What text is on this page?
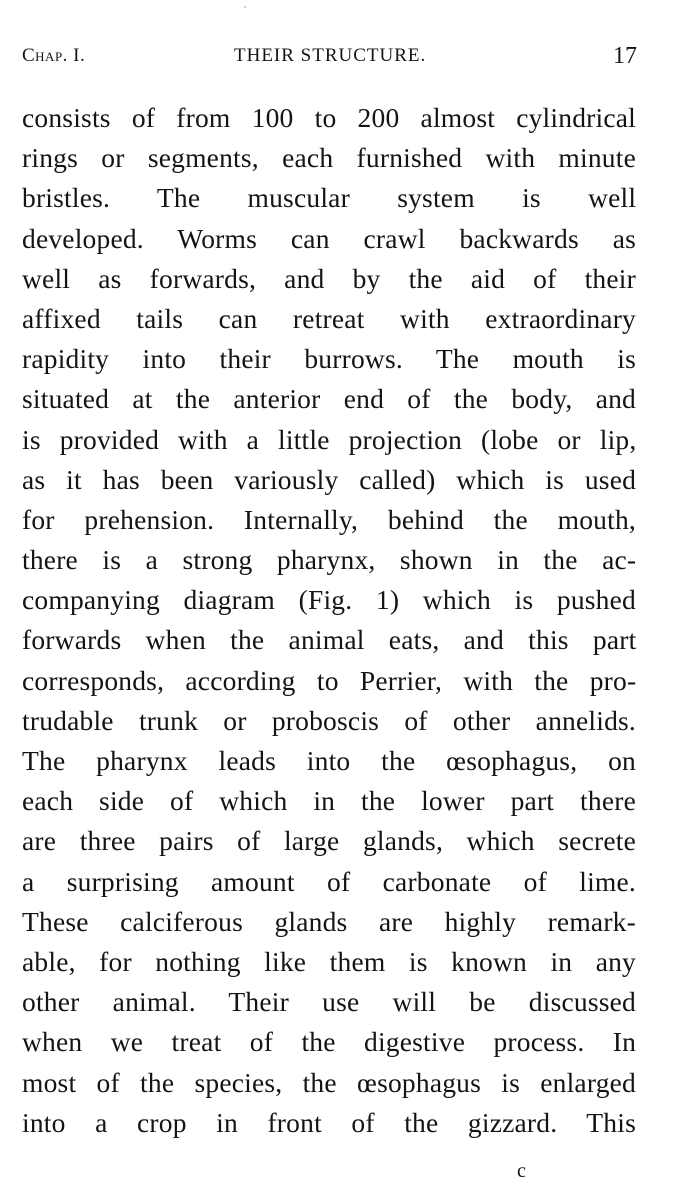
Chap. I.	THEIR STRUCTURE.	17
consists of from 100 to 200 almost cylindrical
rings or segments, each furnished with minute
bristles. The muscular system is well
developed. Worms can crawl backwards as
well as forwards, and by the aid of their
affixed tails can retreat with extraordinary
rapidity into their burrows. The mouth is
situated at the anterior end of the body, and
is provided with a little projection (lobe or lip,
as it has been variously called) which is used
for prehension. Internally, behind the mouth,
there is a strong pharynx, shown in the ac-
companying diagram (Fig. 1) which is pushed
forwards when the animal eats, and this part
corresponds, according to Perrier, with the pro-
trudable trunk or proboscis of other annelids.
The pharynx leads into the œsophagus, on
each side of which in the lower part there
are three pairs of large glands, which secrete
a surprising amount of carbonate of lime.
These calciferous glands are highly remark-
able, for nothing like them is known in any
other animal. Their use will be discussed
when we treat of the digestive process. In
most of the species, the œsophagus is enlarged
into a crop in front of the gizzard. This
c
